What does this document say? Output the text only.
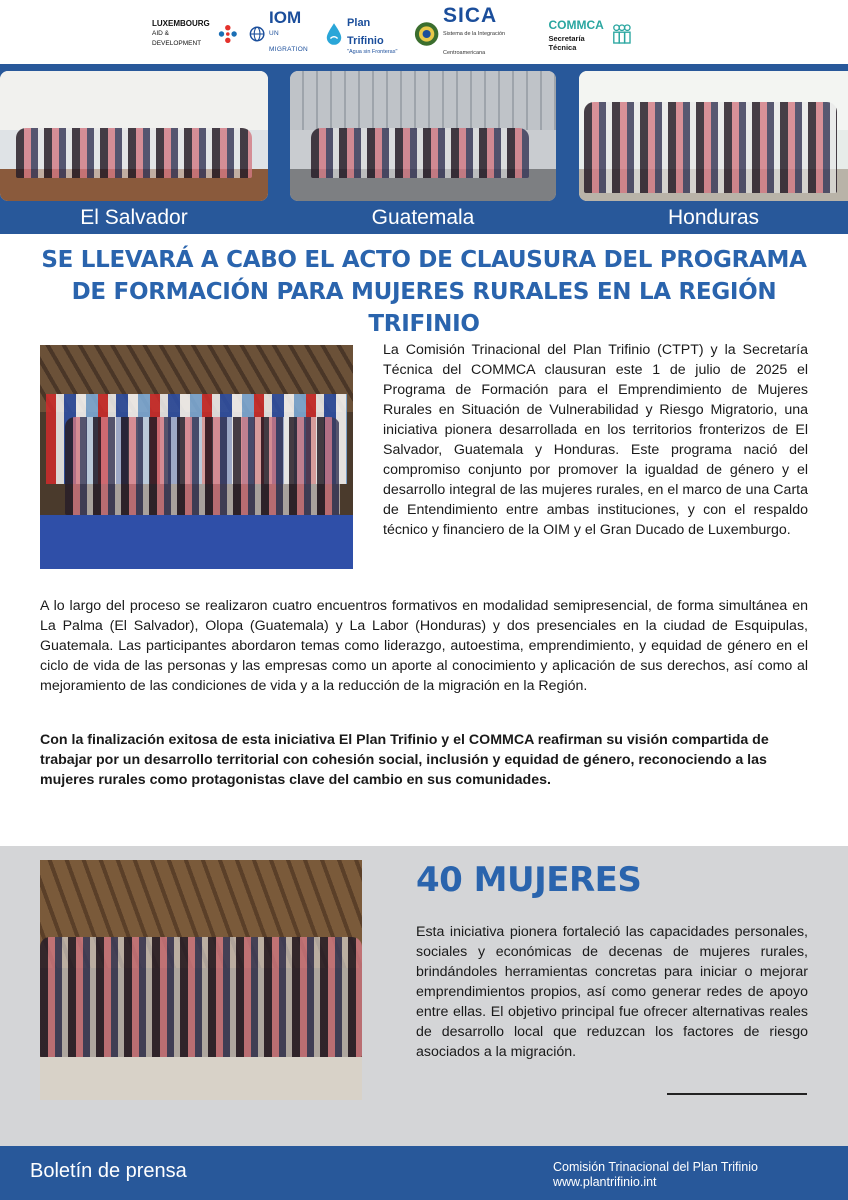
LUXEMBOURG
AID & DEVELOPMENT
IOM
UN MIGRATION
Plan Trifinio
"Agua sin Fronteras"
SICA
Sistema de la Integración Centroamericana
COMMCA
Secretaría Técnica
El Salvador	Guatemala	Honduras
SE LLEVARÁ A CABO EL ACTO DE CLAUSURA DEL PROGRAMA DE FORMACIÓN PARA MUJERES RURALES EN LA REGIÓN TRIFINIO

La Comisión Trinacional del Plan Trifinio (CTPT) y la Secretaría Técnica del COMMCA clausuran este 1 de julio de 2025 el Programa de Formación para el Emprendimiento de Mujeres Rurales en Situación de Vulnerabilidad y Riesgo Migratorio, una iniciativa pionera desarrollada en los territorios fronterizos de El Salvador, Guatemala y Honduras. Este programa nació del compromiso conjunto por promover la igualdad de género y el desarrollo integral de las mujeres rurales, en el marco de una Carta de Entendimiento entre ambas instituciones, y con el respaldo técnico y financiero de la OIM y el Gran Ducado de Luxemburgo.

A lo largo del proceso se realizaron cuatro encuentros formativos en modalidad semipresencial, de forma simultánea en La Palma (El Salvador), Olopa (Guatemala) y La Labor (Honduras) y dos presenciales en la ciudad de Esquipulas, Guatemala. Las participantes abordaron temas como liderazgo, autoestima, emprendimiento, y equidad de género en el ciclo de vida de las personas y las empresas como un aporte al conocimiento y aplicación de sus derechos, así como al mejoramiento de las condiciones de vida y a la reducción de la migración en la Región.

Con la finalización exitosa de esta iniciativa El Plan Trifinio y el COMMCA reafirman su visión compartida de trabajar por un desarrollo territorial con cohesión social, inclusión y equidad de género, reconociendo a las mujeres rurales como protagonistas clave del cambio en sus comunidades.

40 MUJERES

Esta iniciativa pionera fortaleció las capacidades personales, sociales y económicas de decenas de mujeres rurales, brindándoles herramientas concretas para iniciar o mejorar emprendimientos propios, así como generar redes de apoyo entre ellas. El objetivo principal fue ofrecer alternativas reales de desarrollo local que reduzcan los factores de riesgo asociados a la migración.

Boletín de prensa	Comisión Trinacional del Plan Trifinio
www.plantrifinio.int
